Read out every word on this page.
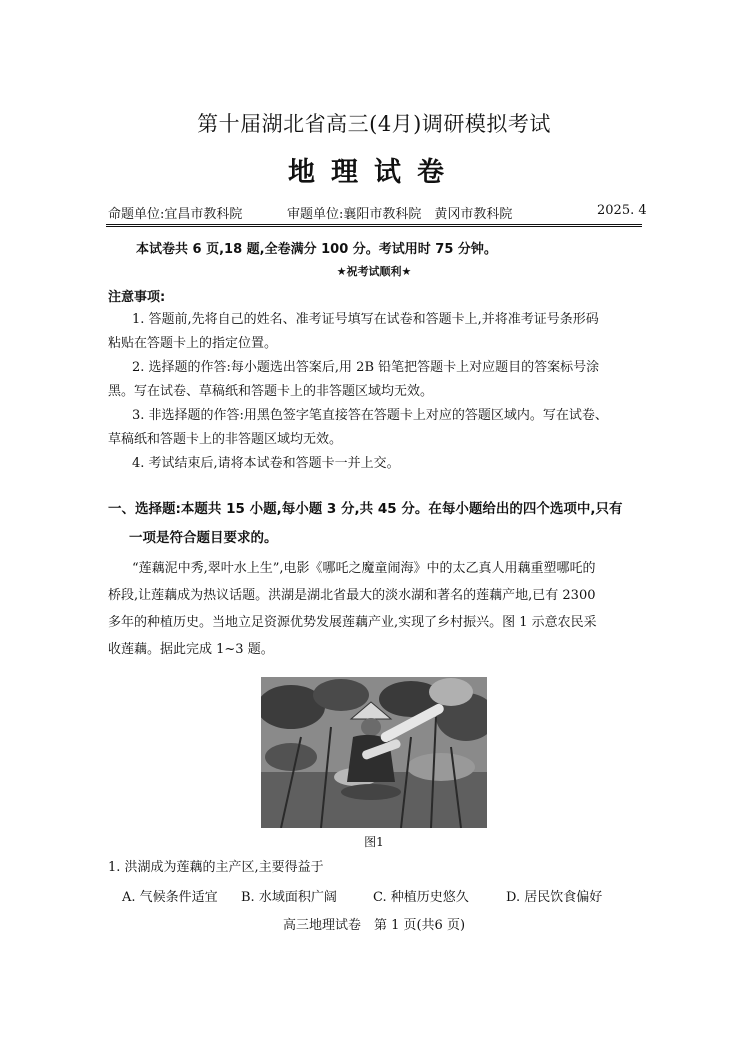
第十届湖北省高三(4月)调研模拟考试
地理试卷
命题单位:宜昌市教科院	审题单位:襄阳市教科院　黄冈市教科院	2025. 4
本试卷共 6 页,18 题,全卷满分 100 分。考试用时 75 分钟。
★祝考试顺利★
注意事项:
1. 答题前,先将自己的姓名、准考证号填写在试卷和答题卡上,并将准考证号条形码
粘贴在答题卡上的指定位置。
2. 选择题的作答:每小题选出答案后,用 2B 铅笔把答题卡上对应题目的答案标号涂
黑。写在试卷、草稿纸和答题卡上的非答题区域均无效。
3. 非选择题的作答:用黑色签字笔直接答在答题卡上对应的答题区域内。写在试卷、
草稿纸和答题卡上的非答题区域均无效。
4. 考试结束后,请将本试卷和答题卡一并上交。
一、选择题:本题共 15 小题,每小题 3 分,共 45 分。在每小题给出的四个选项中,只有
一项是符合题目要求的。
“莲藕泥中秀,翠叶水上生”,电影《哪吒之魔童闹海》中的太乙真人用藕重塑哪吒的
桥段,让莲藕成为热议话题。洪湖是湖北省最大的淡水湖和著名的莲藕产地,已有 2300
多年的种植历史。当地立足资源优势发展莲藕产业,实现了乡村振兴。图 1 示意农民采
收莲藕。据此完成 1~3 题。
图1
1. 洪湖成为莲藕的主产区,主要得益于
A. 气候条件适宜 B. 水域面积广阔	C. 种植历史悠久	D. 居民饮食偏好
高三地理试卷　第 1 页(共6 页)
